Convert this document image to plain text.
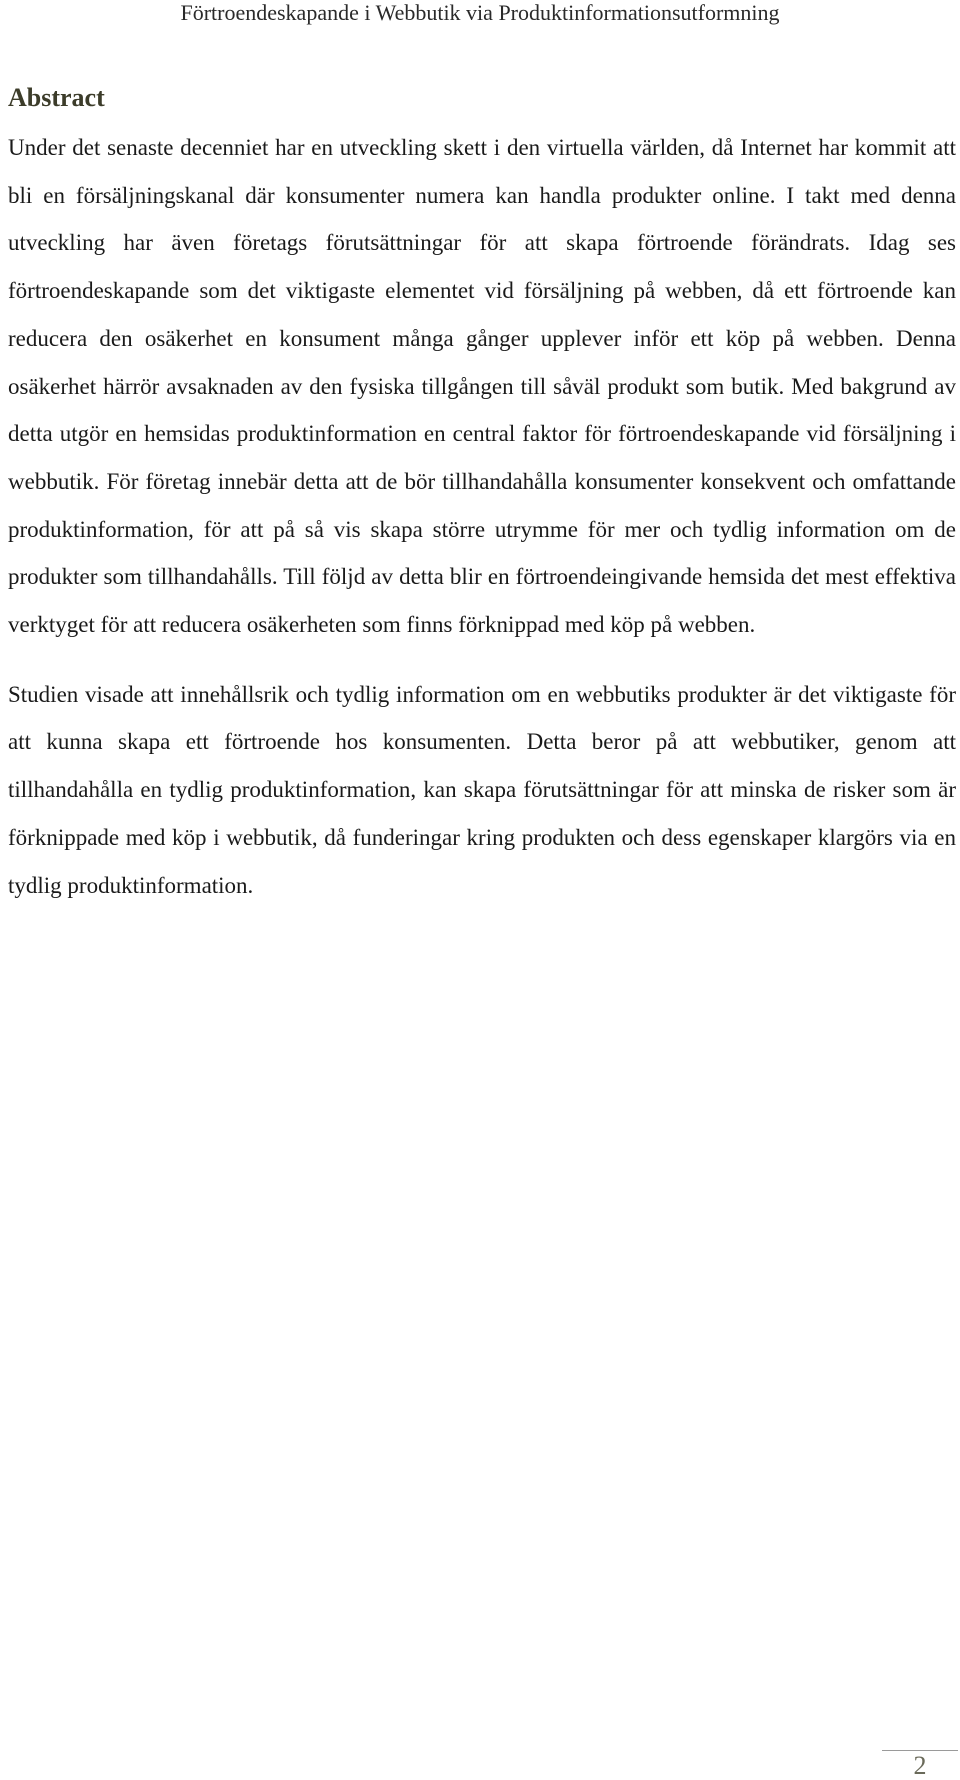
Förtroendeskapande i Webbutik via Produktinformationsutformning
Abstract

Under det senaste decenniet har en utveckling skett i den virtuella världen, då Internet har kommit att bli en försäljningskanal där konsumenter numera kan handla produkter online. I takt med denna utveckling har även företags förutsättningar för att skapa förtroende förändrats. Idag ses förtroendeskapande som det viktigaste elementet vid försäljning på webben, då ett förtroende kan reducera den osäkerhet en konsument många gånger upplever inför ett köp på webben. Denna osäkerhet härrör avsaknaden av den fysiska tillgången till såväl produkt som butik. Med bakgrund av detta utgör en hemsidas produktinformation en central faktor för förtroendeskapande vid försäljning i webbutik. För företag innebär detta att de bör tillhandahålla konsumenter konsekvent och omfattande produktinformation, för att på så vis skapa större utrymme för mer och tydlig information om de produkter som tillhandahålls. Till följd av detta blir en förtroendeingivande hemsida det mest effektiva verktyget för att reducera osäkerheten som finns förknippad med köp på webben.

Studien visade att innehållsrik och tydlig information om en webbutiks produkter är det viktigaste för att kunna skapa ett förtroende hos konsumenten. Detta beror på att webbutiker, genom att tillhandahålla en tydlig produktinformation, kan skapa förutsättningar för att minska de risker som är förknippade med köp i webbutik, då funderingar kring produkten och dess egenskaper klargörs via en tydlig produktinformation.

2
